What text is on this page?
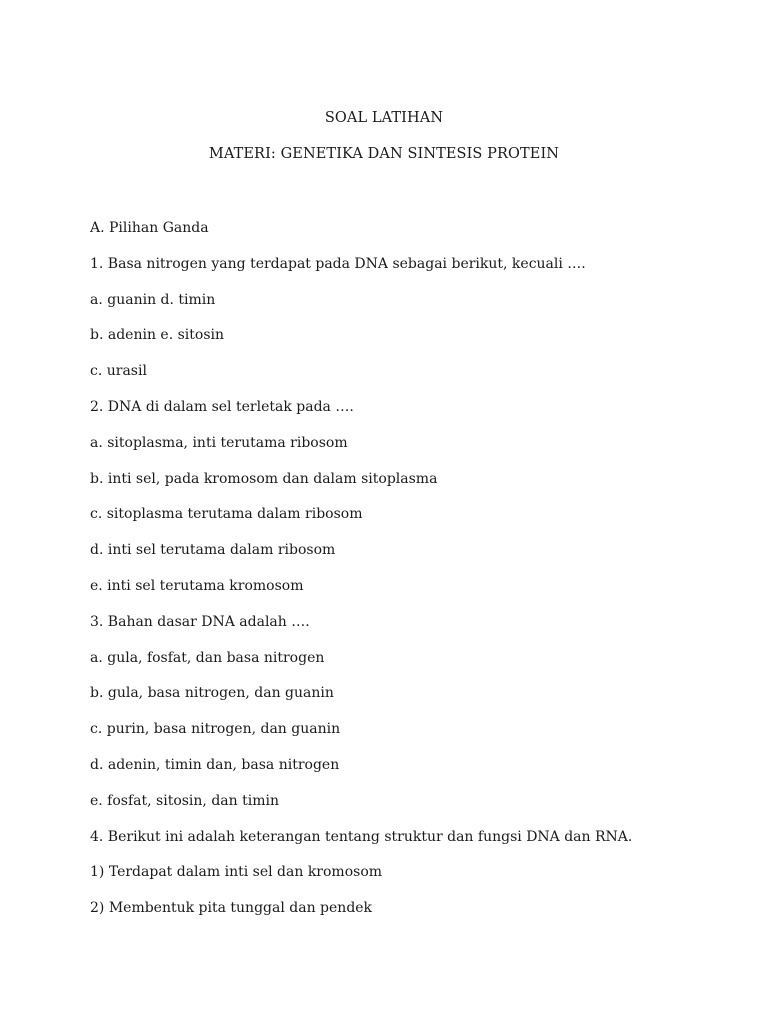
SOAL LATIHAN
MATERI: GENETIKA DAN SINTESIS PROTEIN
A. Pilihan Ganda
1. Basa nitrogen yang terdapat pada DNA sebagai berikut, kecuali ….
a. guanin d. timin
b. adenin e. sitosin
c. urasil
2. DNA di dalam sel terletak pada ….
a. sitoplasma, inti terutama ribosom
b. inti sel, pada kromosom dan dalam sitoplasma
c. sitoplasma terutama dalam ribosom
d. inti sel terutama dalam ribosom
e. inti sel terutama kromosom
3. Bahan dasar DNA adalah ….
a. gula, fosfat, dan basa nitrogen
b. gula, basa nitrogen, dan guanin
c. purin, basa nitrogen, dan guanin
d. adenin, timin dan, basa nitrogen
e. fosfat, sitosin, dan timin
4. Berikut ini adalah keterangan tentang struktur dan fungsi DNA dan RNA.
1) Terdapat dalam inti sel dan kromosom
2) Membentuk pita tunggal dan pendek
